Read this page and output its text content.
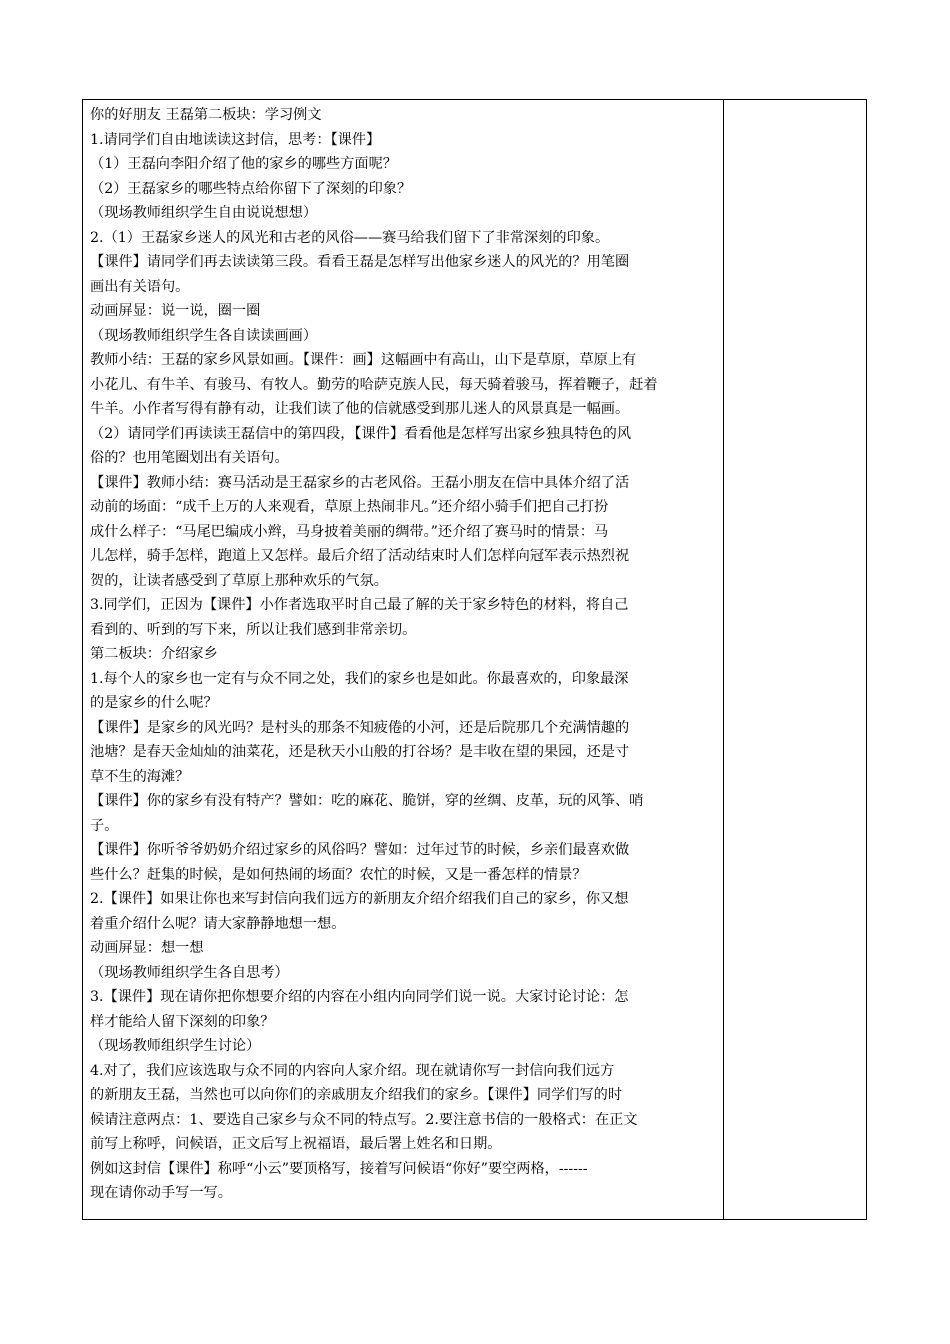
你的好朋友 王磊第二板块：学习例文

1.请同学们自由地读读这封信，思考：【课件】

（1）王磊向李阳介绍了他的家乡的哪些方面呢？

（2）王磊家乡的哪些特点给你留下了深刻的印象？

（现场教师组织学生自由说说想想）

2.（1）王磊家乡迷人的风光和古老的风俗——赛马给我们留下了非常深刻的印象。

【课件】请同学们再去读读第三段。看看王磊是怎样写出他家乡迷人的风光的？用笔圈

画出有关语句。

动画屏显：说一说，圈一圈

（现场教师组织学生各自读读画画）

教师小结：王磊的家乡风景如画。【课件：画】这幅画中有高山，山下是草原，草原上有

小花儿、有牛羊、有骏马、有牧人。勤劳的哈萨克族人民，每天骑着骏马，挥着鞭子，赶着

牛羊。小作者写得有静有动，让我们读了他的信就感受到那儿迷人的风景真是一幅画。

（2）请同学们再读读王磊信中的第四段，【课件】看看他是怎样写出家乡独具特色的风

俗的？也用笔圈划出有关语句。

【课件】教师小结：赛马活动是王磊家乡的古老风俗。王磊小朋友在信中具体介绍了活

动前的场面：“成千上万的人来观看，草原上热闹非凡。”还介绍小骑手们把自己打扮

成什么样子：“马尾巴编成小辫，马身披着美丽的绸带。”还介绍了赛马时的情景：马

儿怎样，骑手怎样，跑道上又怎样。最后介绍了活动结束时人们怎样向冠军表示热烈祝

贺的，让读者感受到了草原上那种欢乐的气氛。

3.同学们，正因为【课件】小作者选取平时自己最了解的关于家乡特色的材料，将自己

看到的、听到的写下来，所以让我们感到非常亲切。

第二板块：介绍家乡

1.每个人的家乡也一定有与众不同之处，我们的家乡也是如此。你最喜欢的，印象最深

的是家乡的什么呢？

【课件】是家乡的风光吗？是村头的那条不知疲倦的小河，还是后院那几个充满情趣的

池塘？是春天金灿灿的油菜花，还是秋天小山般的打谷场？是丰收在望的果园，还是寸

草不生的海滩？

【课件】你的家乡有没有特产？譬如：吃的麻花、脆饼，穿的丝绸、皮革，玩的风筝、哨

子。

【课件】你听爷爷奶奶介绍过家乡的风俗吗？譬如：过年过节的时候，乡亲们最喜欢做

些什么？赶集的时候，是如何热闹的场面？农忙的时候，又是一番怎样的情景？

2.【课件】如果让你也来写封信向我们远方的新朋友介绍介绍我们自己的家乡，你又想

着重介绍什么呢？请大家静静地想一想。

动画屏显：想一想

（现场教师组织学生各自思考）

3.【课件】现在请你把你想要介绍的内容在小组内向同学们说一说。大家讨论讨论：怎

样才能给人留下深刻的印象？

（现场教师组织学生讨论）

4.对了，我们应该选取与众不同的内容向人家介绍。现在就请你写一封信向我们远方

的新朋友王磊，当然也可以向你们的亲戚朋友介绍我们的家乡。【课件】同学们写的时

候请注意两点：1、要选自己家乡与众不同的特点写。2.要注意书信的一般格式：在正文

前写上称呼，问候语，正文后写上祝福语，最后署上姓名和日期。

例如这封信【课件】称呼“小云”要顶格写，接着写问候语“你好”要空两格，------

现在请你动手写一写。
